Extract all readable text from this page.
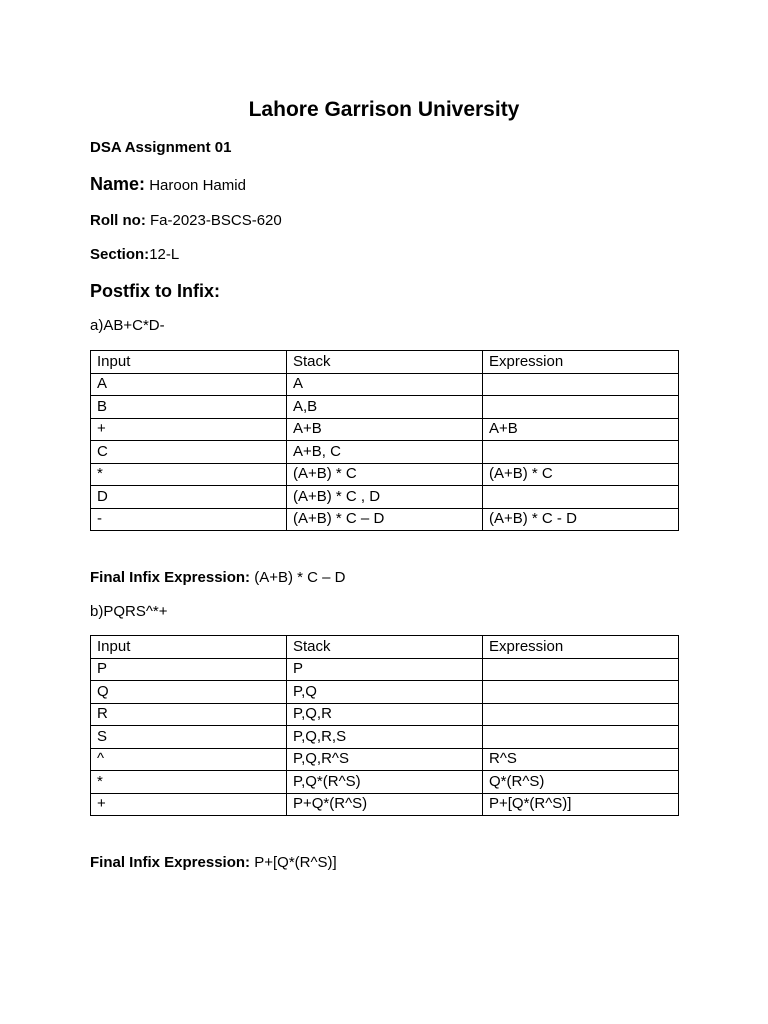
Lahore Garrison University
DSA Assignment 01
Name: Haroon Hamid
Roll no: Fa-2023-BSCS-620
Section:12-L
Postfix to Infix:
a)AB+C*D-
Input	Stack	Expression
A	A	
B	A,B	
+	A+B	A+B
C	A+B, C	
*	(A+B) * C	(A+B) * C
D	(A+B) * C , D	
-	(A+B) * C – D	(A+B) * C - D
Final Infix Expression: (A+B) * C – D
b)PQRS^*+
Input	Stack	Expression
P	P	
Q	P,Q	
R	P,Q,R	
S	P,Q,R,S	
^	P,Q,R^S	R^S
*	P,Q*(R^S)	Q*(R^S)
+	P+Q*(R^S)	P+[Q*(R^S)]
Final Infix Expression: P+[Q*(R^S)]
